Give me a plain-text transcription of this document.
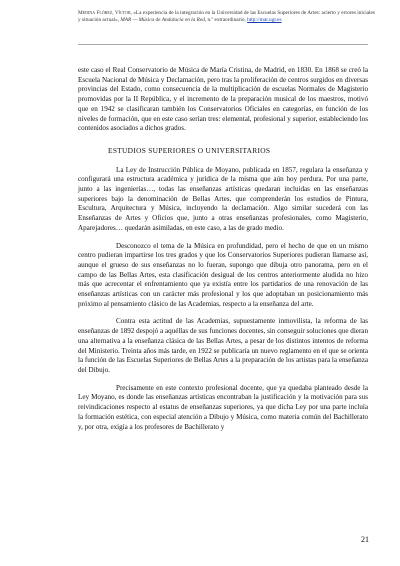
Medina Flórez, Víctor, «La experiencia de la integración en la Universidad de las Escuelas Superiores de Artes: acierto y errores iniciales y situación actual», MAR — Música de Andalucía en la Red, n.º extraordinario, http://mar.ugr.es

este caso el Real Conservatorio de Música de María Cristina, de Madrid, en 1830. En 1868 se creó la Escuela Nacional de Música y Declamación, pero tras la proliferación de centros surgidos en diversas provincias del Estado, como consecuencia de la multiplicación de escuelas Normales de Magisterio promovidas por la II República, y el incremento de la preparación musical de los maestros, motivó que en 1942 se clasificaran también los Conservatorios Oficiales en categorías, en función de los niveles de formación, que en este caso serían tres: elemental, profesional y superior, estableciendo los contenidos asociados a dichos grados.

ESTUDIOS SUPERIORES O UNIVERSITARIOS

La Ley de Instrucción Pública de Moyano, publicada en 1857, regulara la enseñanza y configurará una estructura académica y jurídica de la misma que aún hoy perdura. Por una parte, junto a las ingenierías…, todas las enseñanzas artísticas quedaran incluidas en las enseñanzas superiores bajo la denominación de Bellas Artes, que comprenderán los estudios de Pintura, Escultura, Arquitectura y Música, incluyendo la declamación. Algo similar sucederá con las Enseñanzas de Artes y Oficios que, junto a otras enseñanzas profesionales, como Magisterio, Aparejadores… quedarán asimiladas, en este caso, a las de grado medio.

Desconozco el tema de la Música en profundidad, pero el hecho de que en un mismo centro pudieran impartirse los tres grados y que los Conservatorios Superiores pudieran llamarse así, aunque el grueso de sus enseñanzas no lo fueran, supongo que dibuja otro panorama, pero en el campo de las Bellas Artes, esta clasificación desigual de los centros anteriormente aludida no hizo más que acrecentar el enfrentamiento que ya existía entre los partidarios de una renovación de las enseñanzas artísticas con un carácter más profesional y los que adoptaban un posicionamiento más próximo al pensamiento clásico de las Academias, respecto a la enseñanza del arte.

Contra esta actitud de las Academias, supuestamente inmovilista, la reforma de las enseñanzas de 1892 despojó a aquéllas de sus funciones docentes, sin conseguir soluciones que dieran una alternativa a la enseñanza clásica de las Bellas Artes, a pesar de los distintos intentos de reforma del Ministerio. Treinta años más tarde, en 1922 se publicaría un nuevo reglamento en el que se orienta la función de las Escuelas Superiores de Bellas Artes a la preparación de los artistas para la enseñanza del Dibujo.

Precisamente en este contexto profesional docente, que ya quedaba planteado desde la Ley Moyano, es donde las enseñanzas artísticas encontraban la justificación y la motivación para sus reivindicaciones respecto al estatus de enseñanzas superiores, ya que dicha Ley por una parte incluía la formación estética, con especial atención a Dibujo y Música, como materia común del Bachillerato y, por otra, exigía a los profesores de Bachillerato y

21
